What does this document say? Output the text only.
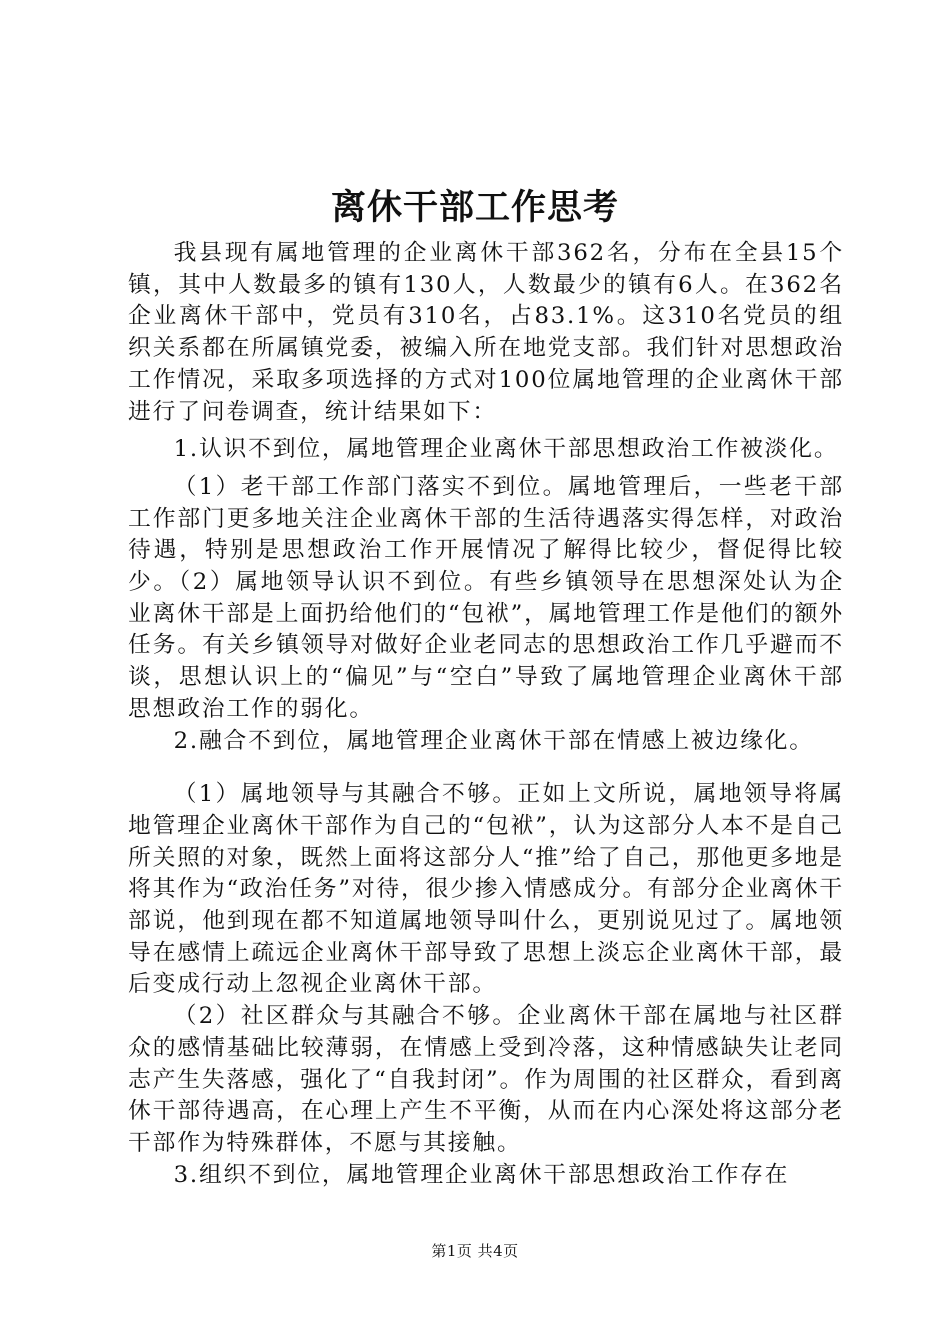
离休干部工作思考

我县现有属地管理的企业离休干部362名，分布在全县15个镇，其中人数最多的镇有130人，人数最少的镇有6人。在362名企业离休干部中，党员有310名，占83.1%。这310名党员的组织关系都在所属镇党委，被编入所在地党支部。我们针对思想政治工作情况，采取多项选择的方式对100位属地管理的企业离休干部进行了问卷调查，统计结果如下：

1.认识不到位，属地管理企业离休干部思想政治工作被淡化。

（1）老干部工作部门落实不到位。属地管理后，一些老干部工作部门更多地关注企业离休干部的生活待遇落实得怎样，对政治待遇，特别是思想政治工作开展情况了解得比较少，督促得比较少。（2）属地领导认识不到位。有些乡镇领导在思想深处认为企业离休干部是上面扔给他们的“包袱”，属地管理工作是他们的额外任务。有关乡镇领导对做好企业老同志的思想政治工作几乎避而不谈，思想认识上的“偏见”与“空白”导致了属地管理企业离休干部思想政治工作的弱化。

2.融合不到位，属地管理企业离休干部在情感上被边缘化。

（1）属地领导与其融合不够。正如上文所说，属地领导将属地管理企业离休干部作为自己的“包袱”，认为这部分人本不是自己所关照的对象，既然上面将这部分人“推”给了自己，那他更多地是将其作为“政治任务”对待，很少掺入情感成分。有部分企业离休干部说，他到现在都不知道属地领导叫什么，更别说见过了。属地领导在感情上疏远企业离休干部导致了思想上淡忘企业离休干部，最后变成行动上忽视企业离休干部。

（2）社区群众与其融合不够。企业离休干部在属地与社区群众的感情基础比较薄弱，在情感上受到冷落，这种情感缺失让老同志产生失落感，强化了“自我封闭”。作为周围的社区群众，看到离休干部待遇高，在心理上产生不平衡，从而在内心深处将这部分老干部作为特殊群体，不愿与其接触。

3.组织不到位，属地管理企业离休干部思想政治工作存在

第1页 共4页
